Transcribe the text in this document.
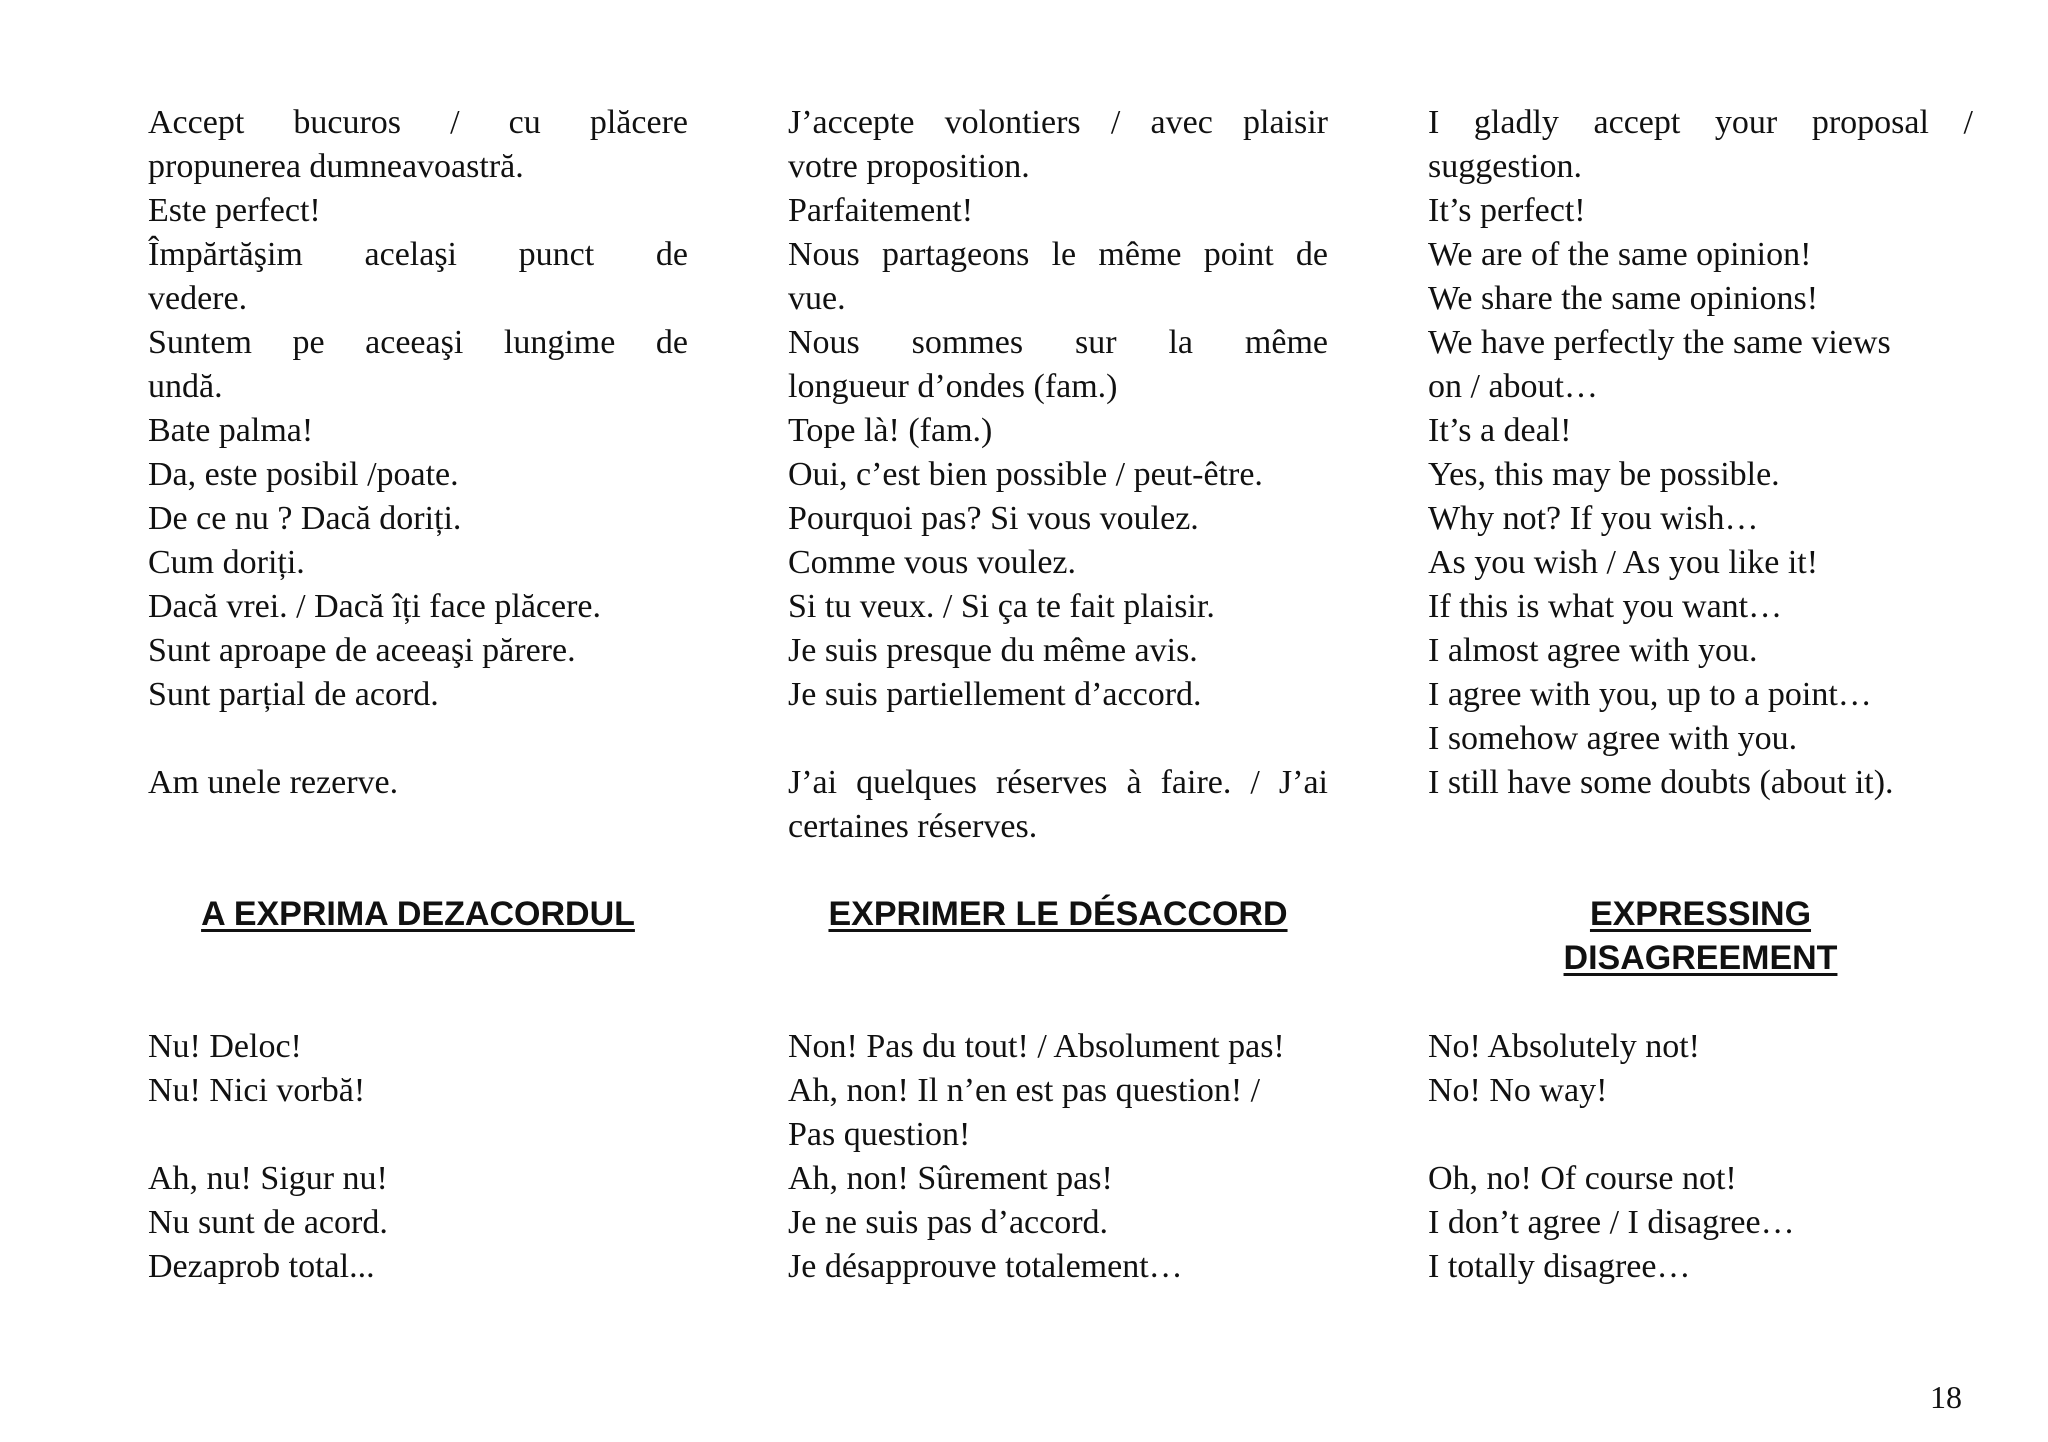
Accept bucuros / cu plăcere
propunerea dumneavoastră.
Este perfect!
Împărtăşim acelaşi punct de
vedere.
Suntem pe aceeaşi lungime de
undă.
Bate palma!
Da, este posibil /poate.
De ce nu ? Dacă doriți.
Cum doriți.
Dacă vrei. / Dacă îți face plăcere.
Sunt aproape de aceeaşi părere.
Sunt parțial de acord.
Am unele rezerve.
A EXPRIMA DEZACORDUL
Nu! Deloc!
Nu! Nici vorbă!
Ah, nu! Sigur nu!
Nu sunt de acord.
Dezaprob total...
J’accepte volontiers / avec plaisir
votre proposition.
Parfaitement!
Nous partageons le même point de
vue.
Nous sommes sur la même
longueur d’ondes (fam.)
Tope là! (fam.)
Oui, c’est bien possible / peut-être.
Pourquoi pas? Si vous voulez.
Comme vous voulez.
Si tu veux. / Si ça te fait plaisir.
Je suis presque du même avis.
Je suis partiellement d’accord.
J’ai quelques réserves à faire. / J’ai
certaines réserves.
EXPRIMER LE DÉSACCORD
Non! Pas du tout! / Absolument pas!
Ah, non! Il n’en est pas question! /
Pas question!
Ah, non! Sûrement pas!
Je ne suis pas d’accord.
Je désapprouve totalement…
I gladly accept your proposal /
suggestion.
It’s perfect!
We are of the same opinion!
We share the same opinions!
We have perfectly the same views
on / about…
It’s a deal!
Yes, this may be possible.
Why not? If you wish…
As you wish / As you like it!
If this is what you want…
I almost agree with you.
I agree with you, up to a point…
I somehow agree with you.
I still have some doubts (about it).
EXPRESSING
DISAGREEMENT
No! Absolutely not!
No! No way!
Oh, no! Of course not!
I don’t agree / I disagree…
I totally disagree…
18
